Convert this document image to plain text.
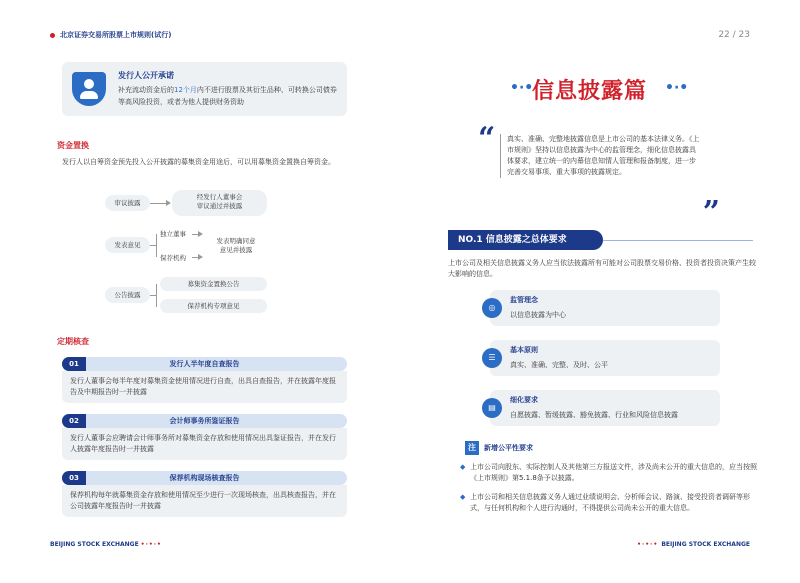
北京证券交易所股票上市规则(试行)
发行人公开承诺
补充流动资金后的12个月内不进行股票及其衍生品种、可转换公司债券等高风险投资，或者为他人提供财务资助
资金置换
发行人以自筹资金预先投入公开披露的募集资金用途后，可以用募集资金置换自筹资金。
审议披露
经发行人董事会
审议通过并披露
发表意见
独立董事
保荐机构
发表明确同意
意见并披露
公告披露
募集资金置换公告
保荐机构专项意见
定期核查
发行人半年度自查报告
01
发行人董事会每半年度对募集资金使用情况进行自查，出具自查报告，并在披露年度报告及中期报告时一并披露
会计师事务所鉴证报告
02
发行人董事会应聘请会计师事务所对募集资金存放和使用情况出具鉴证报告，并在发行人披露年度报告时一并披露
保荐机构现场核查报告
03
保荐机构每年就募集资金存放和使用情况至少进行一次现场核查，出具核查报告，并在公司披露年度报告时一并披露
BEIJING STOCK EXCHANGE •·•·•
22 / 23
•·•
信息披露篇 •·•
“	真实、准确、完整地披露信息是上市公司的基本法律义务。《上市规则》坚持以信息披露为中心的监管理念，细化信息披露具体要求，建立统一的内幕信息知情人管理和报备制度，进一步完善交易事项、重大事项的披露规定。
”
NO.1 信息披露之总体要求
上市公司及相关信息披露义务人应当依法披露所有可能对公司股票交易价格、投资者投资决策产生较大影响的信息。
◎
监管理念
以信息披露为中心
☰
基本原则
真实、准确、完整、及时、公平
▤
细化要求
自愿披露、暂缓披露、豁免披露、行业和风险信息披露
注	新增公平性要求
◆ 上市公司向股东、实际控制人及其他第三方报送文件，涉及尚未公开的重大信息的，应当按照《上市规则》第5.1.8条予以披露。
◆ 上市公司和相关信息披露义务人通过业绩说明会、分析师会议、路演、接受投资者调研等形式，与任何机构和个人进行沟通时，不得提供公司尚未公开的重大信息。
•·•·• BEIJING STOCK EXCHANGE
